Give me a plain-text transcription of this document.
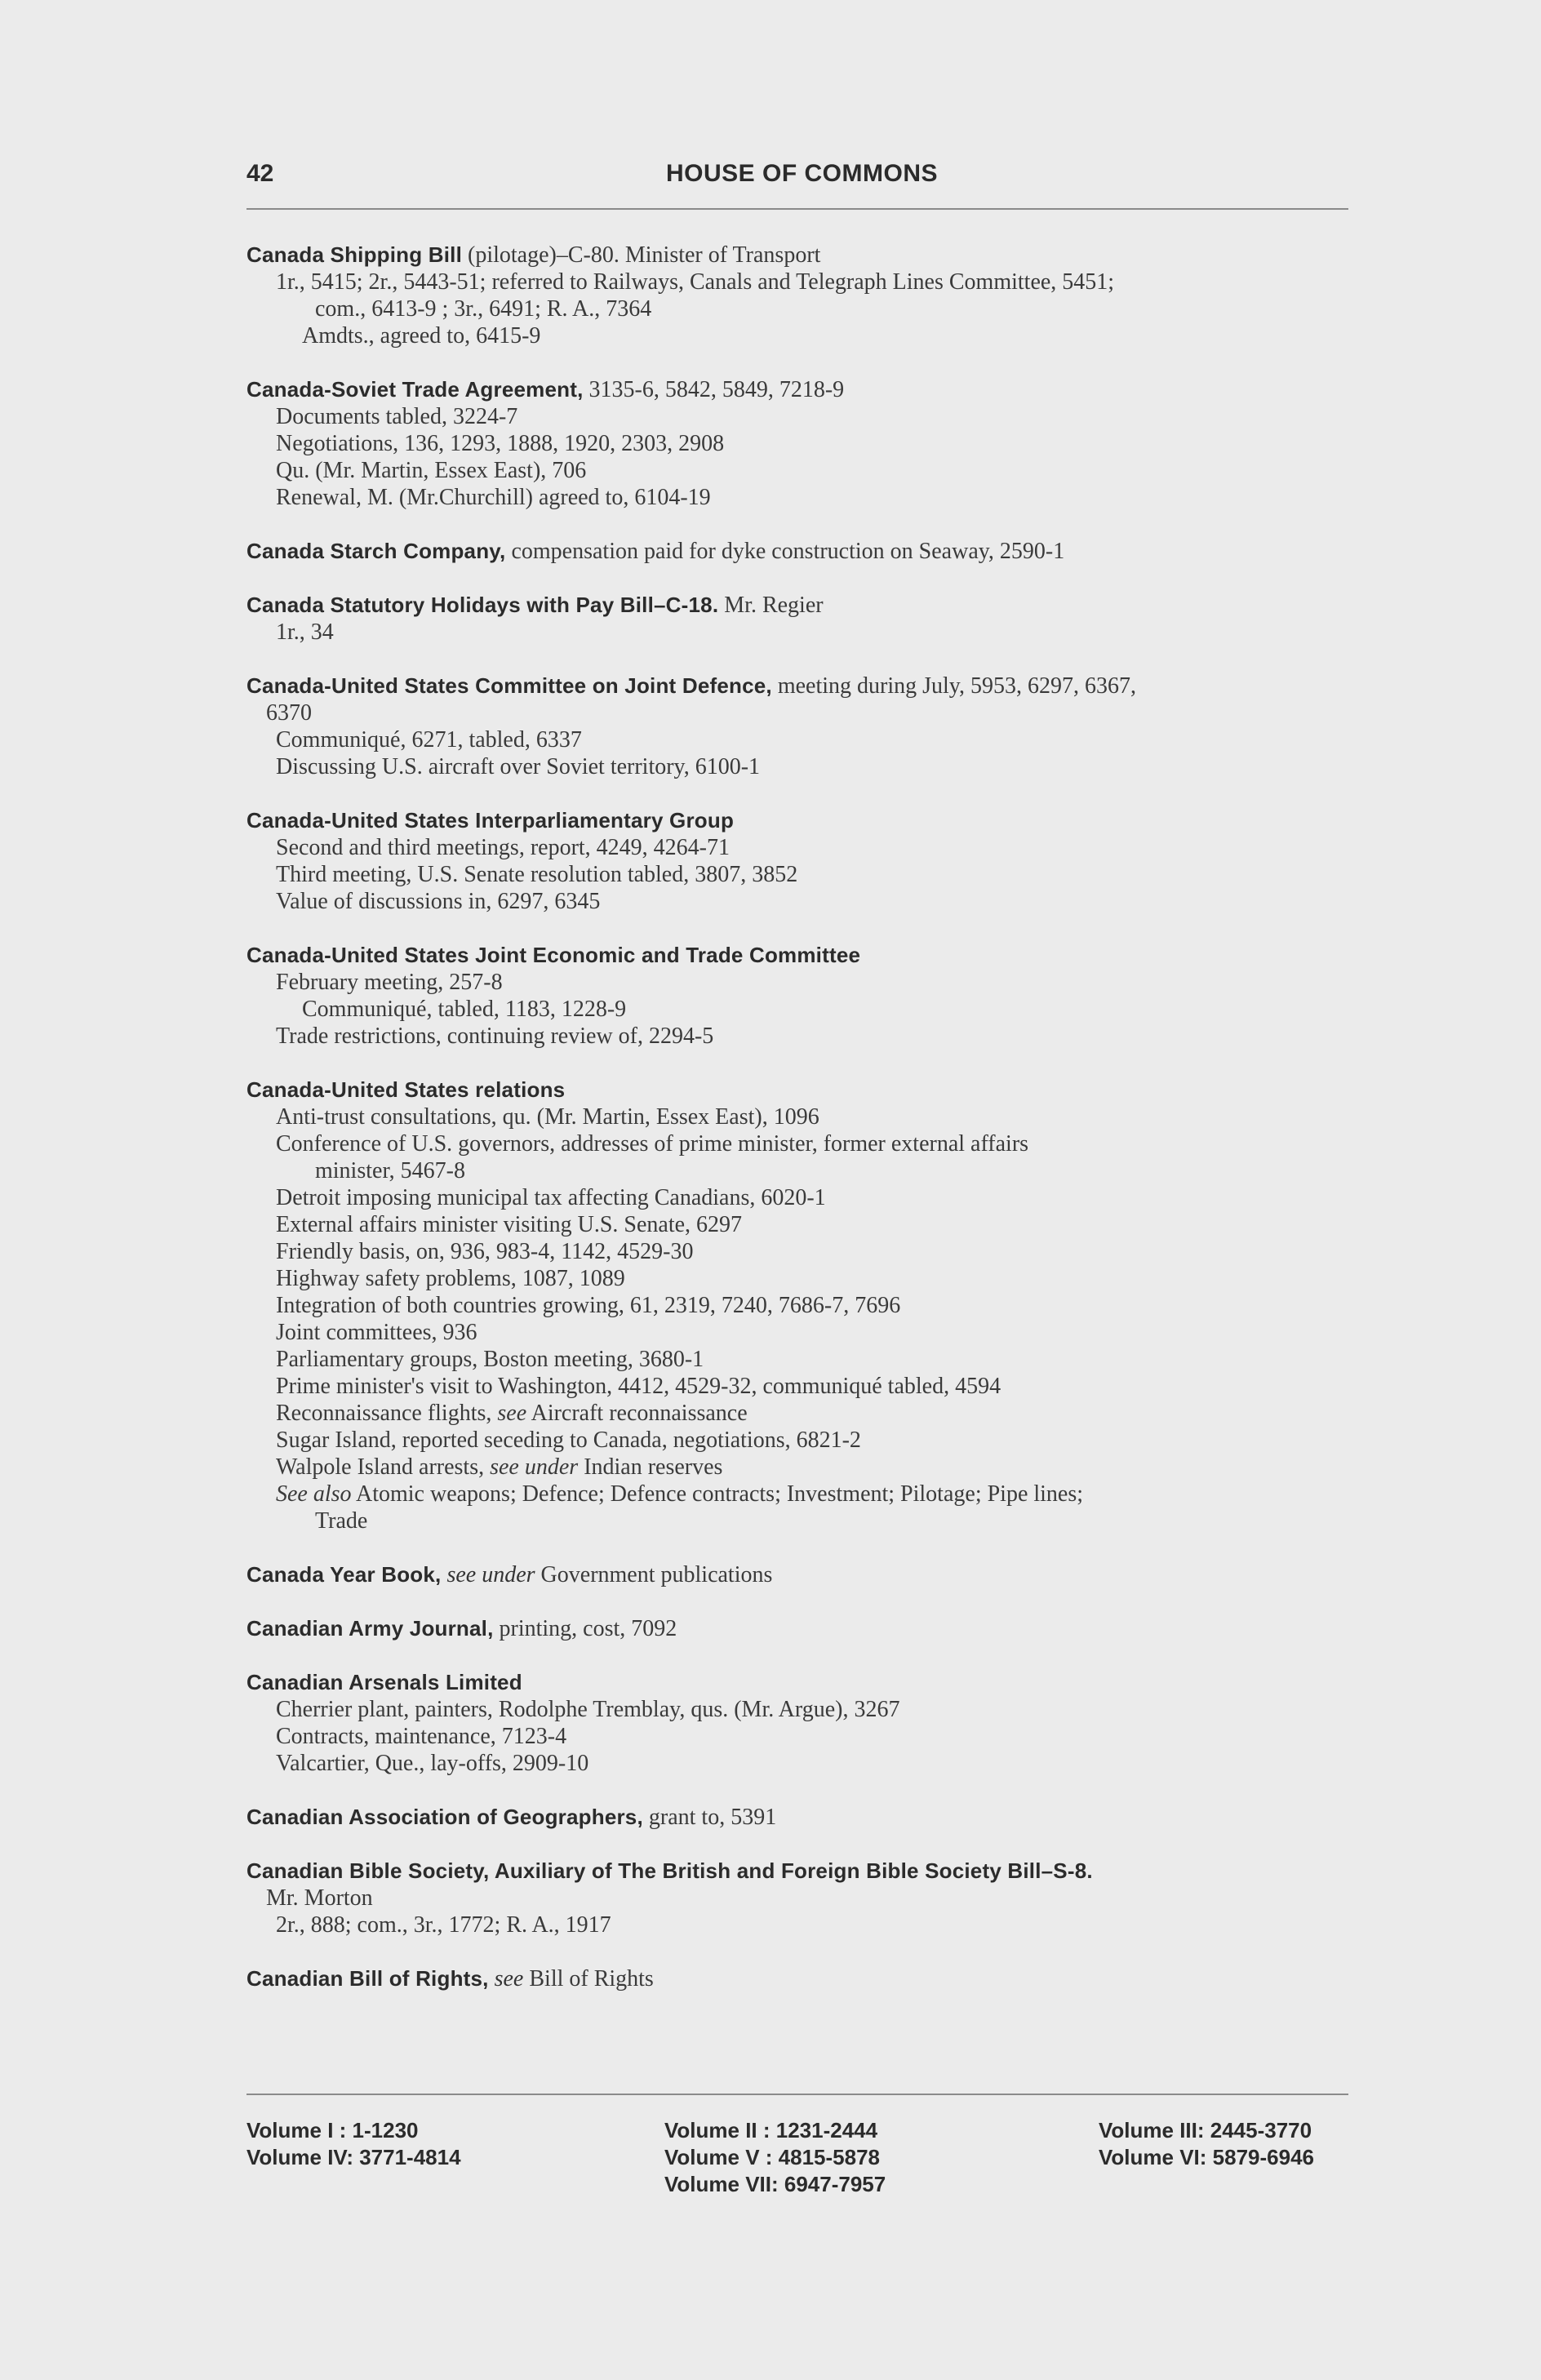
42	HOUSE OF COMMONS
Canada Shipping Bill (pilotage)–C-80. Minister of Transport
1r., 5415; 2r., 5443-51; referred to Railways, Canals and Telegraph Lines Committee, 5451;
com., 6413-9 ; 3r., 6491; R. A., 7364
Amdts., agreed to, 6415-9
Canada-Soviet Trade Agreement, 3135-6, 5842, 5849, 7218-9
Documents tabled, 3224-7
Negotiations, 136, 1293, 1888, 1920, 2303, 2908
Qu. (Mr. Martin, Essex East), 706
Renewal, M. (Mr.Churchill) agreed to, 6104-19
Canada Starch Company, compensation paid for dyke construction on Seaway, 2590-1
Canada Statutory Holidays with Pay Bill–C-18. Mr. Regier
1r., 34
Canada-United States Committee on Joint Defence, meeting during July, 5953, 6297, 6367,
6370
Communiqué, 6271, tabled, 6337
Discussing U.S. aircraft over Soviet territory, 6100-1
Canada-United States Interparliamentary Group
Second and third meetings, report, 4249, 4264-71
Third meeting, U.S. Senate resolution tabled, 3807, 3852
Value of discussions in, 6297, 6345
Canada-United States Joint Economic and Trade Committee
February meeting, 257-8
Communiqué, tabled, 1183, 1228-9
Trade restrictions, continuing review of, 2294-5
Canada-United States relations
Anti-trust consultations, qu. (Mr. Martin, Essex East), 1096
Conference of U.S. governors, addresses of prime minister, former external affairs
minister, 5467-8
Detroit imposing municipal tax affecting Canadians, 6020-1
External affairs minister visiting U.S. Senate, 6297
Friendly basis, on, 936, 983-4, 1142, 4529-30
Highway safety problems, 1087, 1089
Integration of both countries growing, 61, 2319, 7240, 7686-7, 7696
Joint committees, 936
Parliamentary groups, Boston meeting, 3680-1
Prime minister's visit to Washington, 4412, 4529-32, communiqué tabled, 4594
Reconnaissance flights, see Aircraft reconnaissance
Sugar Island, reported seceding to Canada, negotiations, 6821-2
Walpole Island arrests, see under Indian reserves
See also Atomic weapons; Defence; Defence contracts; Investment; Pilotage; Pipe lines;
Trade
Canada Year Book, see under Government publications
Canadian Army Journal, printing, cost, 7092
Canadian Arsenals Limited
Cherrier plant, painters, Rodolphe Tremblay, qus. (Mr. Argue), 3267
Contracts, maintenance, 7123-4
Valcartier, Que., lay-offs, 2909-10
Canadian Association of Geographers, grant to, 5391
Canadian Bible Society, Auxiliary of The British and Foreign Bible Society Bill–S-8.
Mr. Morton
2r., 888; com., 3r., 1772; R. A., 1917
Canadian Bill of Rights, see Bill of Rights
Volume I : 1-1230
Volume IV: 3771-4814
Volume II : 1231-2444
Volume V : 4815-5878
Volume VII: 6947-7957
Volume III: 2445-3770
Volume VI: 5879-6946
